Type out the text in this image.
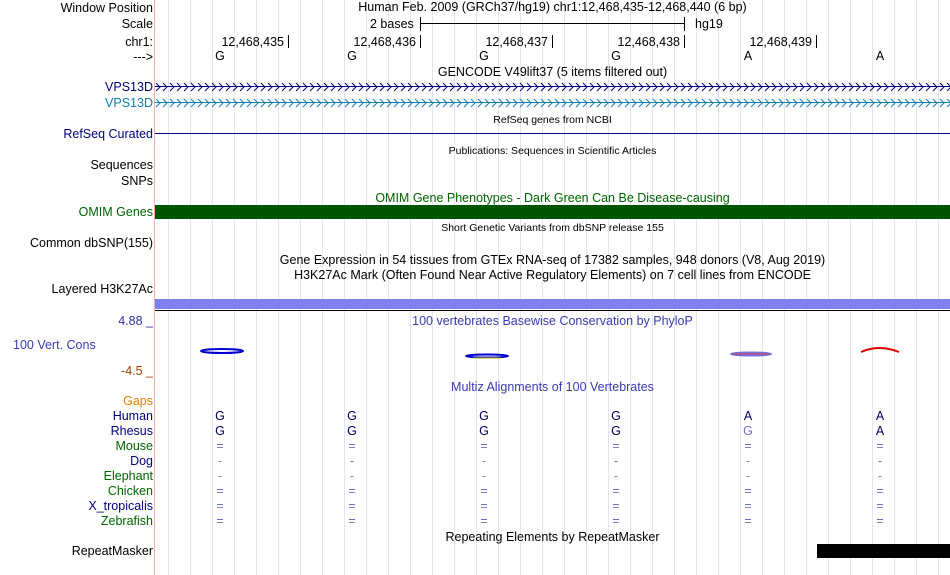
Window Position	Human Feb. 2009 (GRCh37/hg19) chr1:12,468,435-12,468,440 (6 bp)
Scale	2 bases	hg19
chr1:	12,468,435	12,468,436	12,468,437	12,468,438	12,468,439
--->	G	G	G	G	A	A
GENCODE V49lift37 (5 items filtered out)
VPS13D
VPS13D
RefSeq genes from NCBI
RefSeq Curated
Publications: Sequences in Scientific Articles
Sequences
SNPs
OMIM Gene Phenotypes - Dark Green Can Be Disease-causing
OMIM Genes
Short Genetic Variants from dbSNP release 155
Common dbSNP(155)
Gene Expression in 54 tissues from GTEx RNA-seq of 17382 samples, 948 donors (V8, Aug 2019)
H3K27Ac Mark (Often Found Near Active Regulatory Elements) on 7 cell lines from ENCODE
Layered H3K27Ac
4.88 _	100 vertebrates Basewise Conservation by PhyloP
100 Vert. Cons
-4.5 _
Multiz Alignments of 100 Vertebrates
Gaps
Human	G	G	G	G	A	A
Rhesus	G	G	G	G	G	A
Mouse	=	=	=	=	=	=
Dog	-	-	-	-	-	-
Elephant	-	-	-	-	-	-
Chicken	=	=	=	=	=	=
X_tropicalis	=	=	=	=	=	=
Zebrafish	=	=	=	=	=	=
Repeating Elements by RepeatMasker
RepeatMasker
